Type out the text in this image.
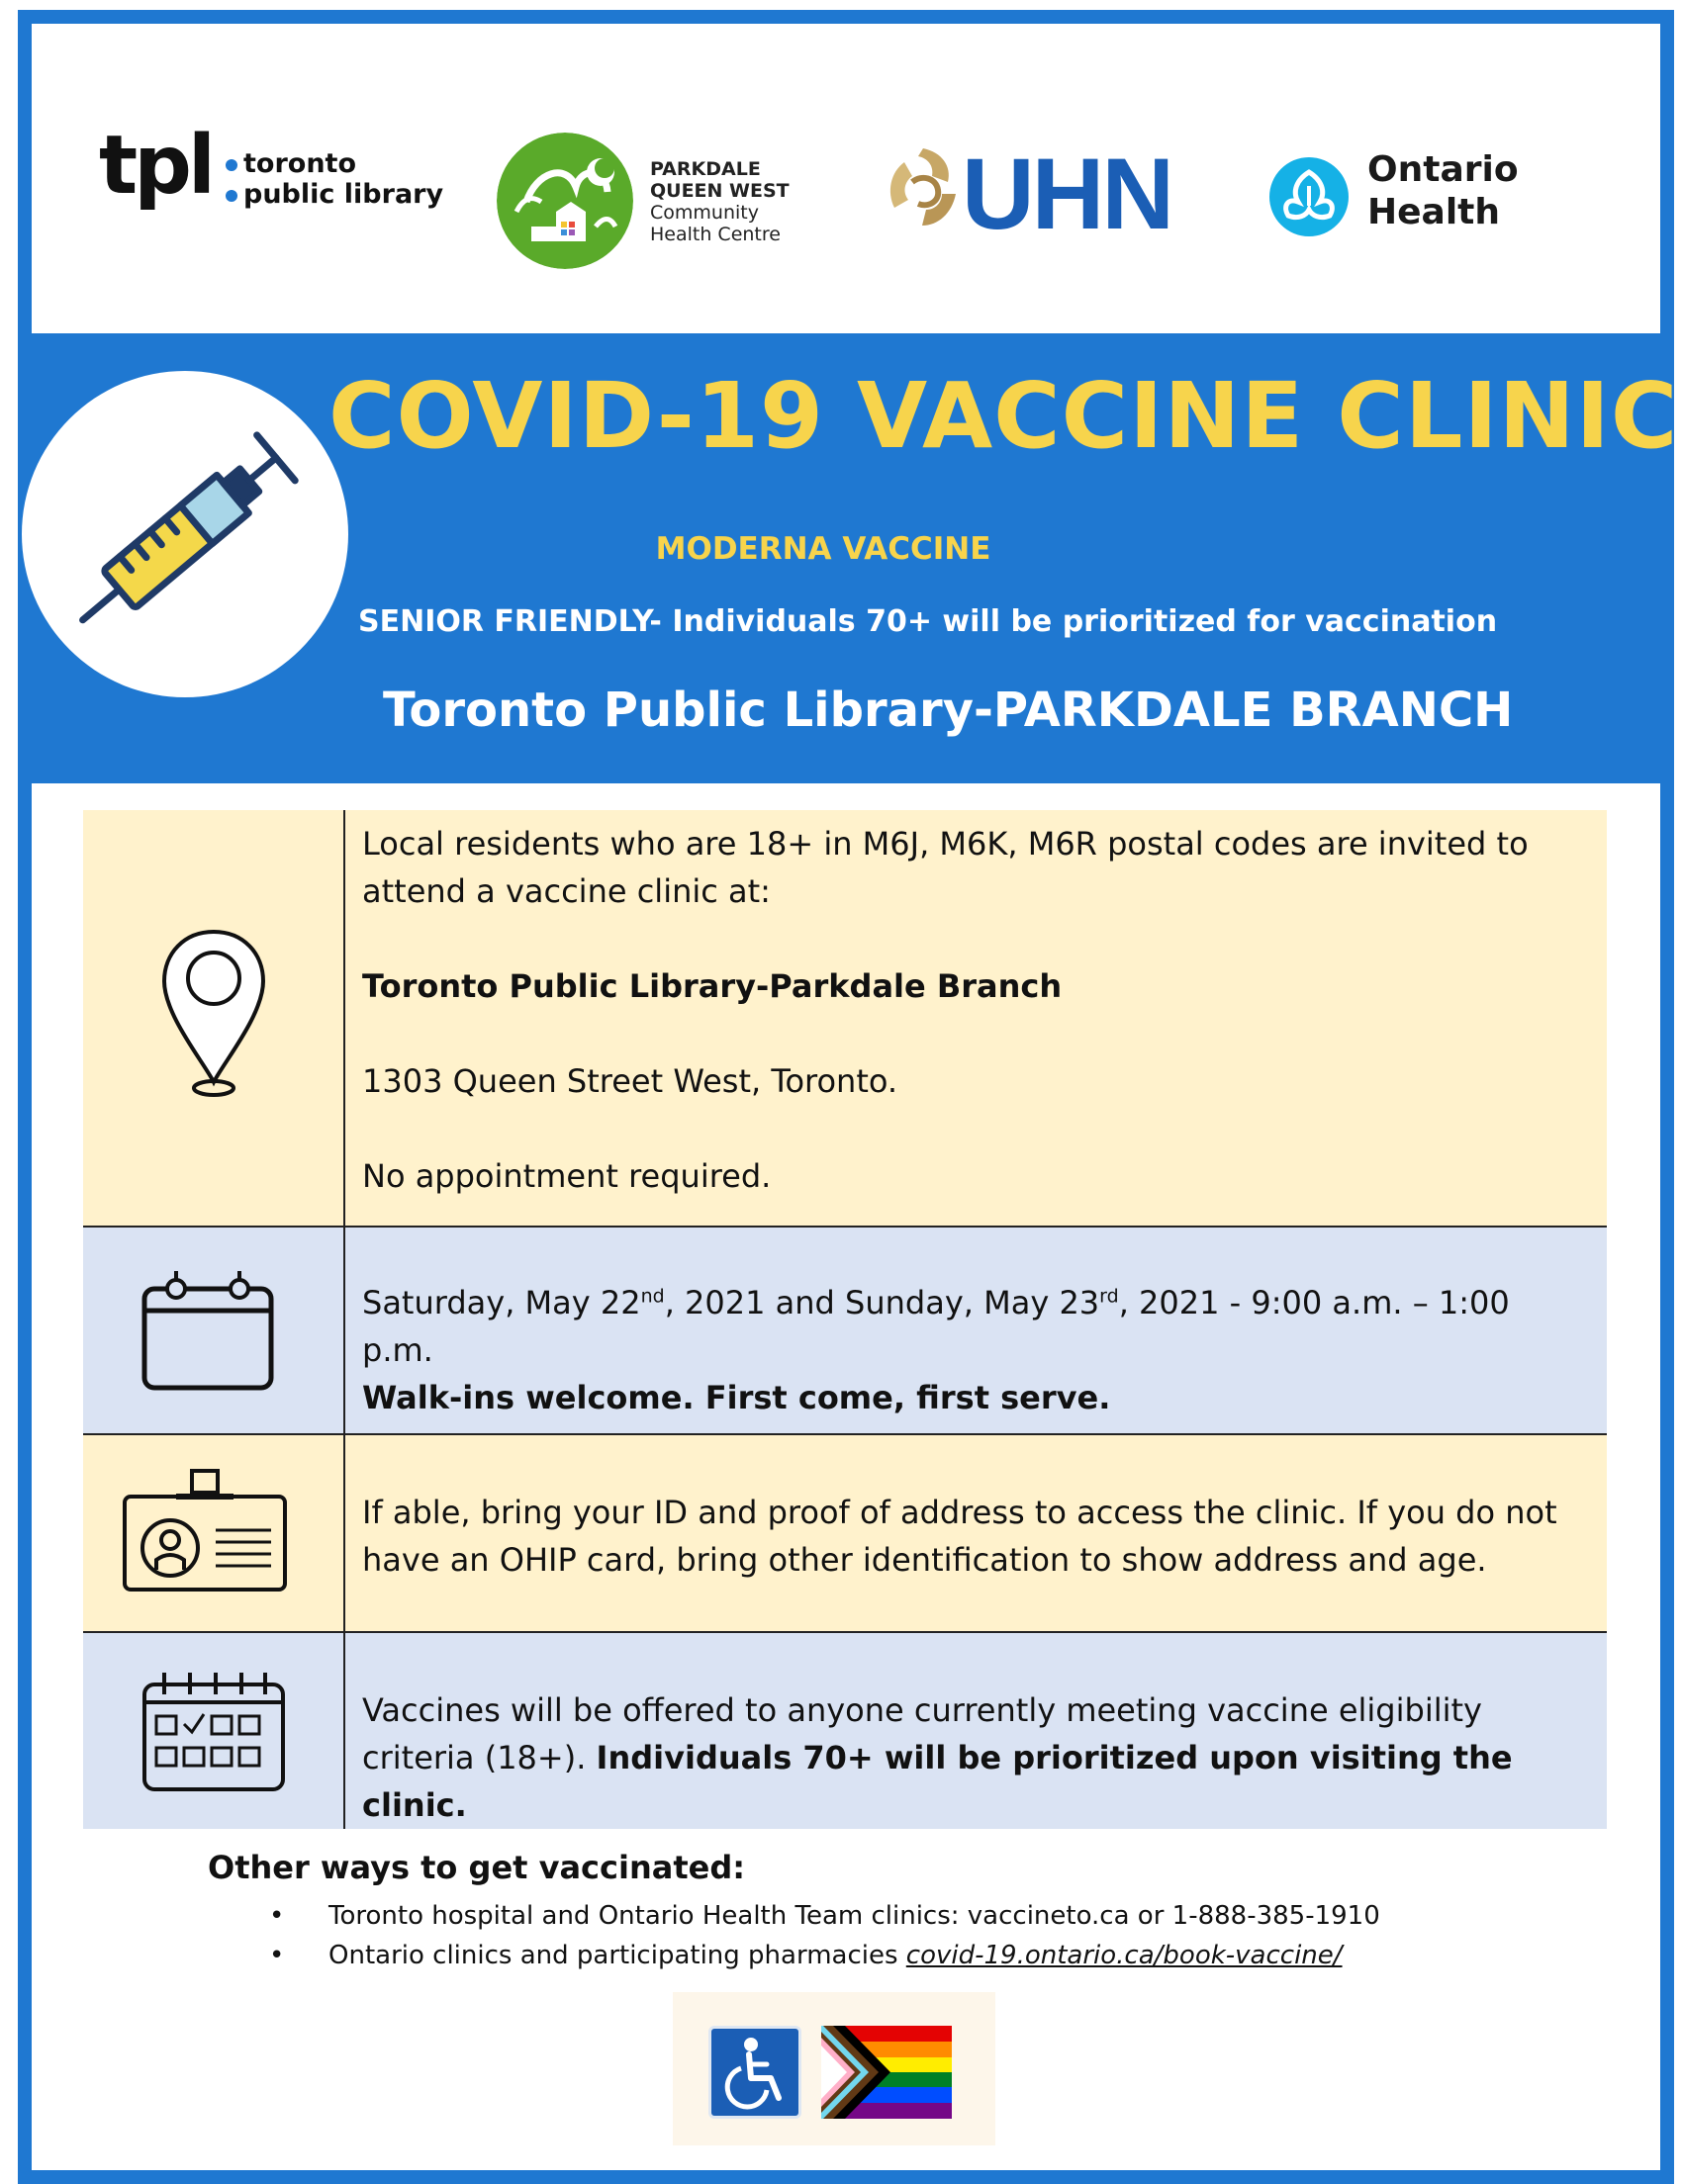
tpl	toronto
public library
PARKDALE
QUEEN WEST
Community
Health Centre UHN	Ontario
Health
COVID-19 VACCINE CLINIC
MODERNA VACCINE
SENIOR FRIENDLY- Individuals 70+ will be prioritized for vaccination
Toronto Public Library-PARKDALE BRANCH

Local residents who are 18+ in M6J, M6K, M6R postal codes are invited to attend a vaccine clinic at:

Toronto Public Library-Parkdale Branch

1303 Queen Street West, Toronto.

No appointment required.

Saturday, May 22nd, 2021 and Sunday, May 23rd, 2021 - 9:00 a.m. – 1:00 p.m.

Walk-ins welcome. First come, first serve.

If able, bring your ID and proof of address to access the clinic. If you do not have an OHIP card, bring other identification to show address and age.

Vaccines will be offered to anyone currently meeting vaccine eligibility criteria (18+). Individuals 70+ will be prioritized upon visiting the clinic.

Other ways to get vaccinated:
• Toronto hospital and Ontario Health Team clinics: vaccineto.ca or 1-888-385-1910
• Ontario clinics and participating pharmacies covid-19.ontario.ca/book-vaccine/
